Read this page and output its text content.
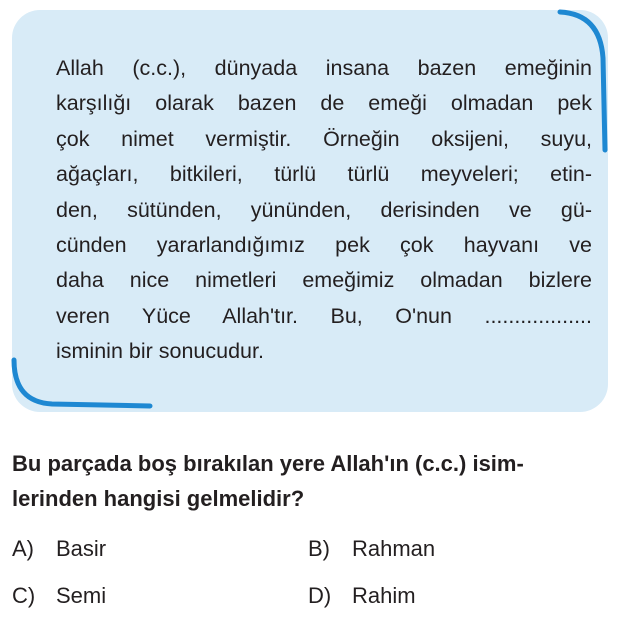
Allah (c.c.), dünyada insana bazen emeğinin
karşılığı olarak bazen de emeği olmadan pek
çok nimet vermiştir. Örneğin oksijeni, suyu,
ağaçları, bitkileri, türlü türlü meyveleri; etin-
den, sütünden, yününden, derisinden ve gü-
cünden yararlandığımız pek çok hayvanı ve
daha nice nimetleri emeğimiz olmadan bizlere
veren Yüce Allah'tır. Bu, O'nun ..................
isminin bir sonucudur.
Bu parçada boş bırakılan yere Allah'ın (c.c.) isim-
lerinden hangisi gelmelidir?
A) Basir	B) Rahman
C) Semi	D) Rahim
